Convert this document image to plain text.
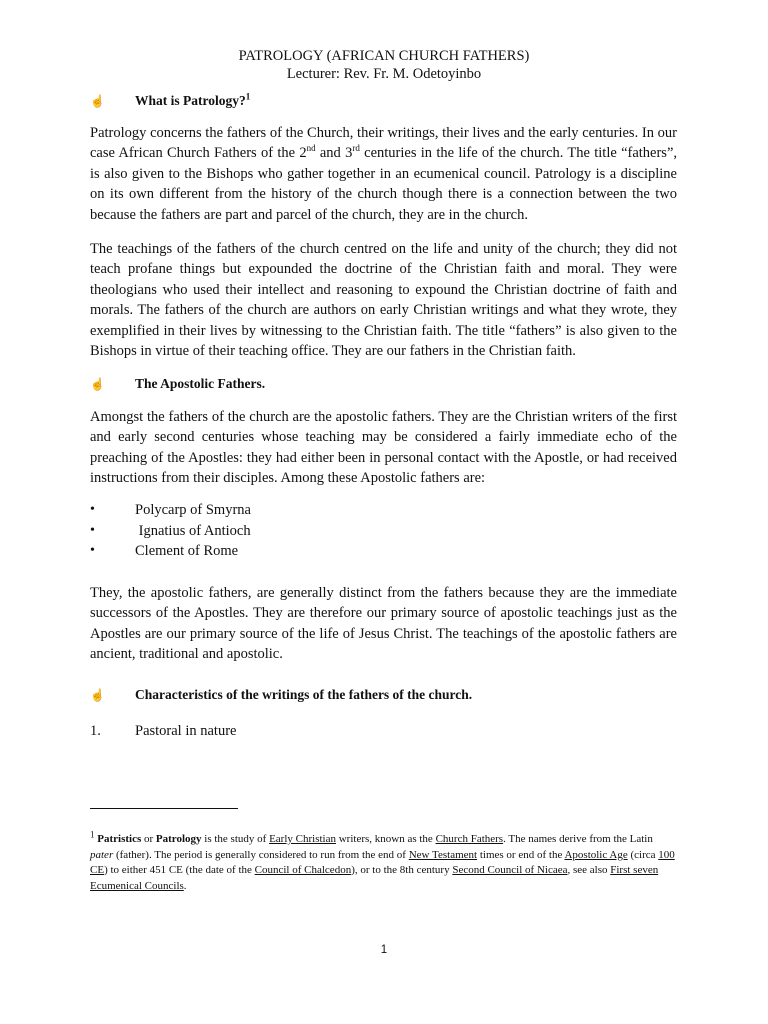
PATROLOGY (AFRICAN CHURCH FATHERS)
Lecturer: Rev. Fr. M. Odetoyinbo
☝ What is Patrology?$^1$

Patrology concerns the fathers of the Church, their writings, their lives and the early centuries. In our case African Church Fathers of the 2nd and 3rd centuries in the life of the church. The title “fathers”, is also given to the Bishops who gather together in an ecumenical council. Patrology is a discipline on its own different from the history of the church though there is a connection between the two because the fathers are part and parcel of the church, they are in the church.

The teachings of the fathers of the church centred on the life and unity of the church; they did not teach profane things but expounded the doctrine of the Christian faith and moral. They were theologians who used their intellect and reasoning to expound the Christian doctrine of faith and morals. The fathers of the church are authors on early Christian writings and what they wrote, they exemplified in their lives by witnessing to the Christian faith. The title “fathers” is also given to the Bishops in virtue of their teaching office. They are our fathers in the Christian faith.

☝ The Apostolic Fathers.

Amongst the fathers of the church are the apostolic fathers. They are the Christian writers of the first and early second centuries whose teaching may be considered a fairly immediate echo of the preaching of the Apostles: they had either been in personal contact with the Apostle, or had received instructions from their disciples. Among these Apostolic fathers are:

•	Polycarp of Smyrna
•	Ignatius of Antioch
•	Clement of Rome

They, the apostolic fathers, are generally distinct from the fathers because they are the immediate successors of the Apostles. They are therefore our primary source of apostolic teachings just as the Apostles are our primary source of the life of Jesus Christ. The teachings of the apostolic fathers are ancient, traditional and apostolic.

☝ Characteristics of the writings of the fathers of the church.
1. Pastoral in nature

$^1$ Patristics or Patrology is the study of Early Christian writers, known as the Church Fathers. The names derive from the Latin pater (father). The period is generally considered to run from the end of New Testament times or end of the Apostolic Age (circa 100 CE) to either 451 CE (the date of the Council of Chalcedon), or to the 8th century Second Council of Nicaea, see also First seven Ecumenical Councils.

1
